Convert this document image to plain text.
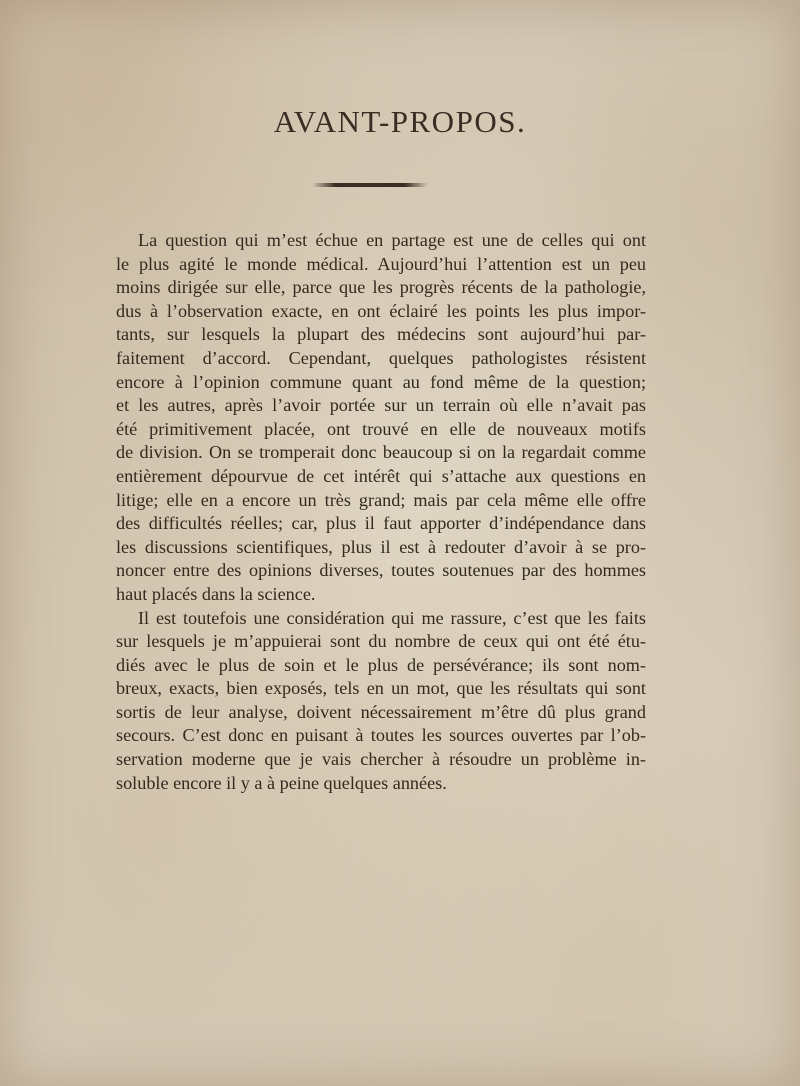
AVANT-PROPOS.
La question qui m’est échue en partage est une de celles qui ont
le plus agité le monde médical. Aujourd’hui l’attention est un peu
moins dirigée sur elle, parce que les progrès récents de la pathologie,
dus à l’observation exacte, en ont éclairé les points les plus impor-
tants, sur lesquels la plupart des médecins sont aujourd’hui par-
faitement d’accord. Cependant, quelques pathologistes résistent
encore à l’opinion commune quant au fond même de la question;
et les autres, après l’avoir portée sur un terrain où elle n’avait pas
été primitivement placée, ont trouvé en elle de nouveaux motifs
de division. On se tromperait donc beaucoup si on la regardait comme
entièrement dépourvue de cet intérêt qui s’attache aux questions en
litige; elle en a encore un très grand; mais par cela même elle offre
des difficultés réelles; car, plus il faut apporter d’indépendance dans
les discussions scientifiques, plus il est à redouter d’avoir à se pro-
noncer entre des opinions diverses, toutes soutenues par des hommes
haut placés dans la science.
Il est toutefois une considération qui me rassure, c’est que les faits
sur lesquels je m’appuierai sont du nombre de ceux qui ont été étu-
diés avec le plus de soin et le plus de persévérance; ils sont nom-
breux, exacts, bien exposés, tels en un mot, que les résultats qui sont
sortis de leur analyse, doivent nécessairement m’être dû plus grand
secours. C’est donc en puisant à toutes les sources ouvertes par l’ob-
servation moderne que je vais chercher à résoudre un problème in-
soluble encore il y a à peine quelques années.
